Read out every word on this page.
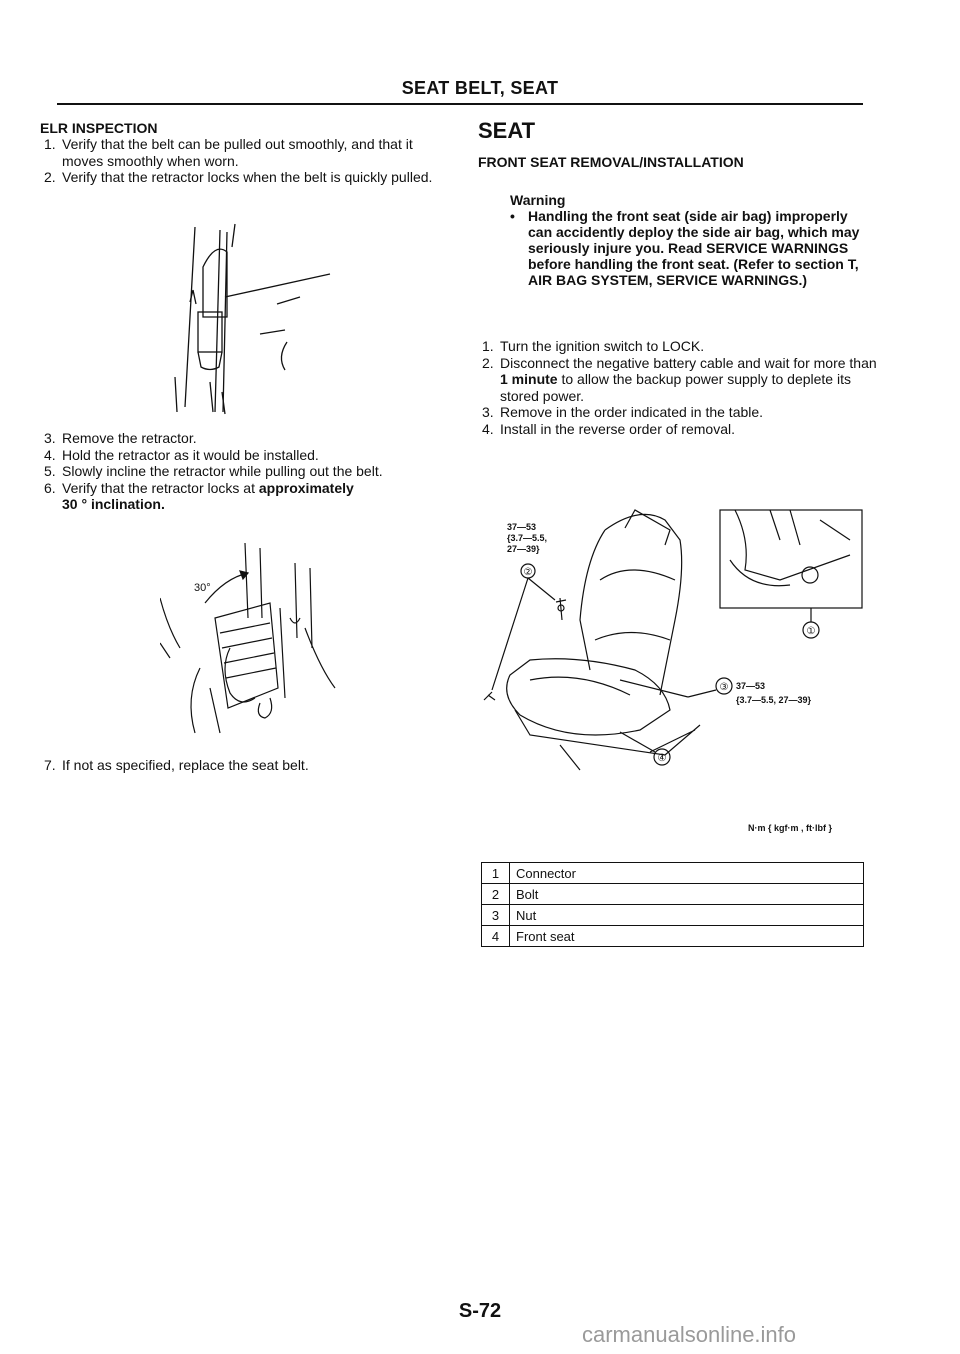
SEAT BELT, SEAT
ELR INSPECTION
1. Verify that the belt can be pulled out smoothly, and that it moves smoothly when worn.
2. Verify that the retractor locks when the belt is quickly pulled.
3. Remove the retractor.
4. Hold the retractor as it would be installed.
5. Slowly incline the retractor while pulling out the belt.
6. Verify that the retractor locks at approximately
30 ° inclination.
30°
7. If not as specified, replace the seat belt.
SEAT
FRONT SEAT REMOVAL/INSTALLATION
Warning
• Handling the front seat (side air bag) improperly can accidently deploy the side air bag, which may seriously injure you. Read SERVICE WARNINGS before handling the front seat. (Refer to section T, AIR BAG SYSTEM, SERVICE WARNINGS.)
1. Turn the ignition switch to LOCK.
2. Disconnect the negative battery cable and wait for more than 1 minute to allow the backup power supply to deplete its stored power.
3. Remove in the order indicated in the table.
4. Install in the reverse order of removal.
37—53
{3.7—5.5,
27—39}
②
①
③ 37—53
{3.7—5.5, 27—39}
④
N·m { kgf·m , ft·lbf }
1	Connector
2	Bolt
3	Nut
4	Front seat
S-72
carmanualsonline.info
